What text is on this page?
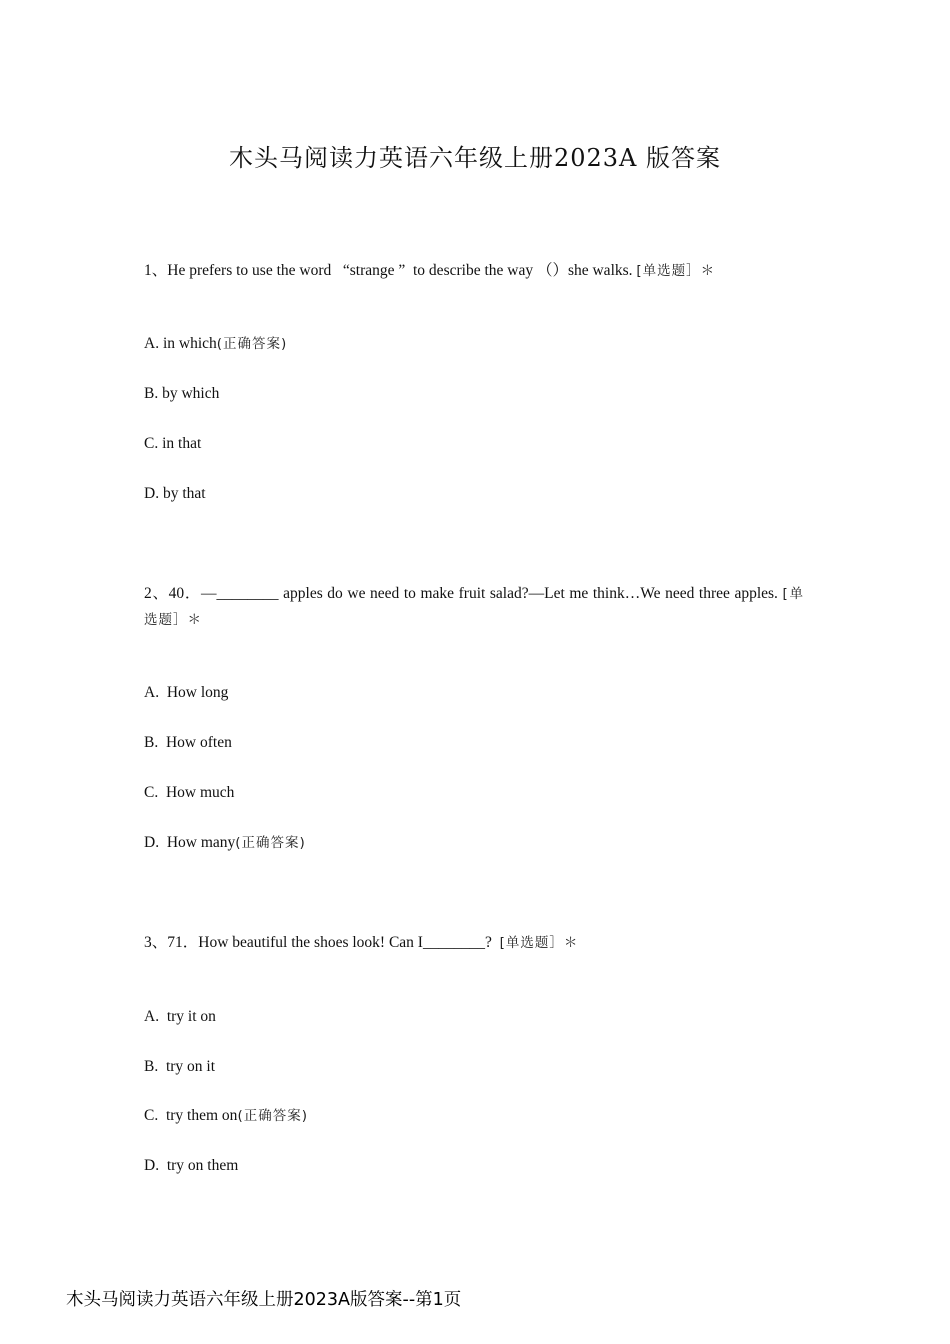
木头马阅读力英语六年级上册2023A 版答案
1、He prefers to use the word   “strange ”  to describe the way （）she walks. [单选题］＊
A. in which(正确答案)
B. by which
C. in that
D. by that
2、40．—________ apples do we need to make fruit salad?—Let me think…We need three apples. [单选题］＊
A.  How long
B.  How often
C.  How much
D.  How many(正确答案)
3、71．How beautiful the shoes look! Can I________?  [单选题］＊
A.  try it on
B.  try on it
C.  try them on(正确答案)
D.  try on them
木头马阅读力英语六年级上册2023A版答案--第1页
